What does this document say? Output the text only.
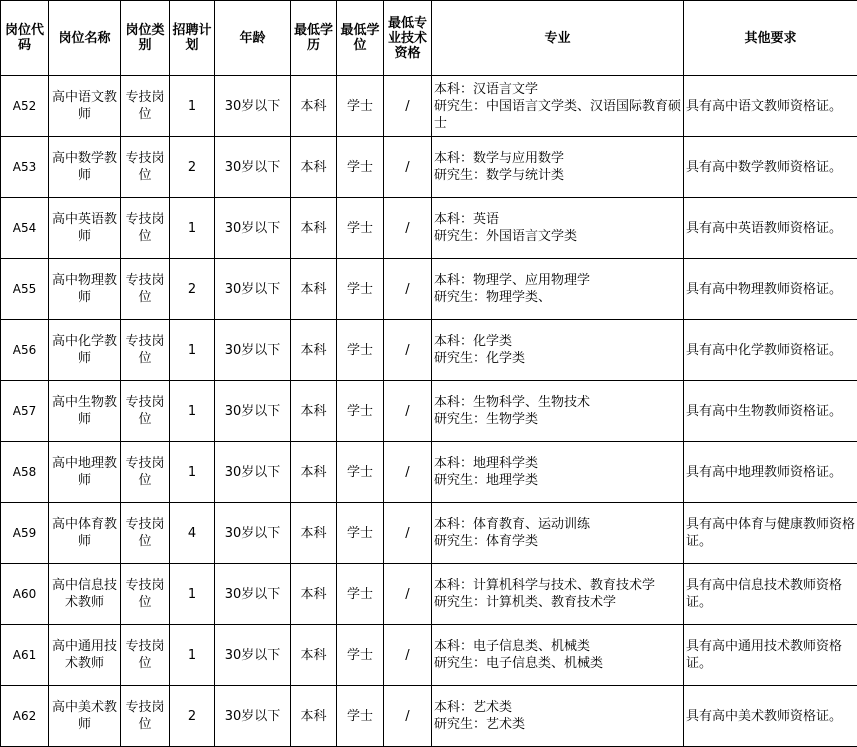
岗位代码	岗位名称	岗位类别	招聘计划	年龄	最低学历	最低学位	最低专业技术资格	专业	其他要求
A52	高中语文教师	专技岗位	1	30岁以下	本科	学士	/	本科：汉语言文学
研究生：中国语言文学类、汉语国际教育硕士	具有高中语文教师资格证。
A53	高中数学教师	专技岗位	2	30岁以下	本科	学士	/	本科：数学与应用数学
研究生：数学与统计类	具有高中数学教师资格证。
A54	高中英语教师	专技岗位	1	30岁以下	本科	学士	/	本科：英语
研究生：外国语言文学类	具有高中英语教师资格证。
A55	高中物理教师	专技岗位	2	30岁以下	本科	学士	/	本科：物理学、应用物理学
研究生：物理学类、	具有高中物理教师资格证。
A56	高中化学教师	专技岗位	1	30岁以下	本科	学士	/	本科：化学类
研究生：化学类	具有高中化学教师资格证。
A57	高中生物教师	专技岗位	1	30岁以下	本科	学士	/	本科：生物科学、生物技术
研究生：生物学类	具有高中生物教师资格证。
A58	高中地理教师	专技岗位	1	30岁以下	本科	学士	/	本科：地理科学类
研究生：地理学类	具有高中地理教师资格证。
A59	高中体育教师	专技岗位	4	30岁以下	本科	学士	/	本科：体育教育、运动训练
研究生：体育学类	具有高中体育与健康教师资格证。
A60	高中信息技术教师	专技岗位	1	30岁以下	本科	学士	/	本科：计算机科学与技术、教育技术学
研究生：计算机类、教育技术学	具有高中信息技术教师资格证。
A61	高中通用技术教师	专技岗位	1	30岁以下	本科	学士	/	本科：电子信息类、机械类
研究生：电子信息类、机械类	具有高中通用技术教师资格证。
A62	高中美术教师	专技岗位	2	30岁以下	本科	学士	/	本科：艺术类
研究生：艺术类	具有高中美术教师资格证。
